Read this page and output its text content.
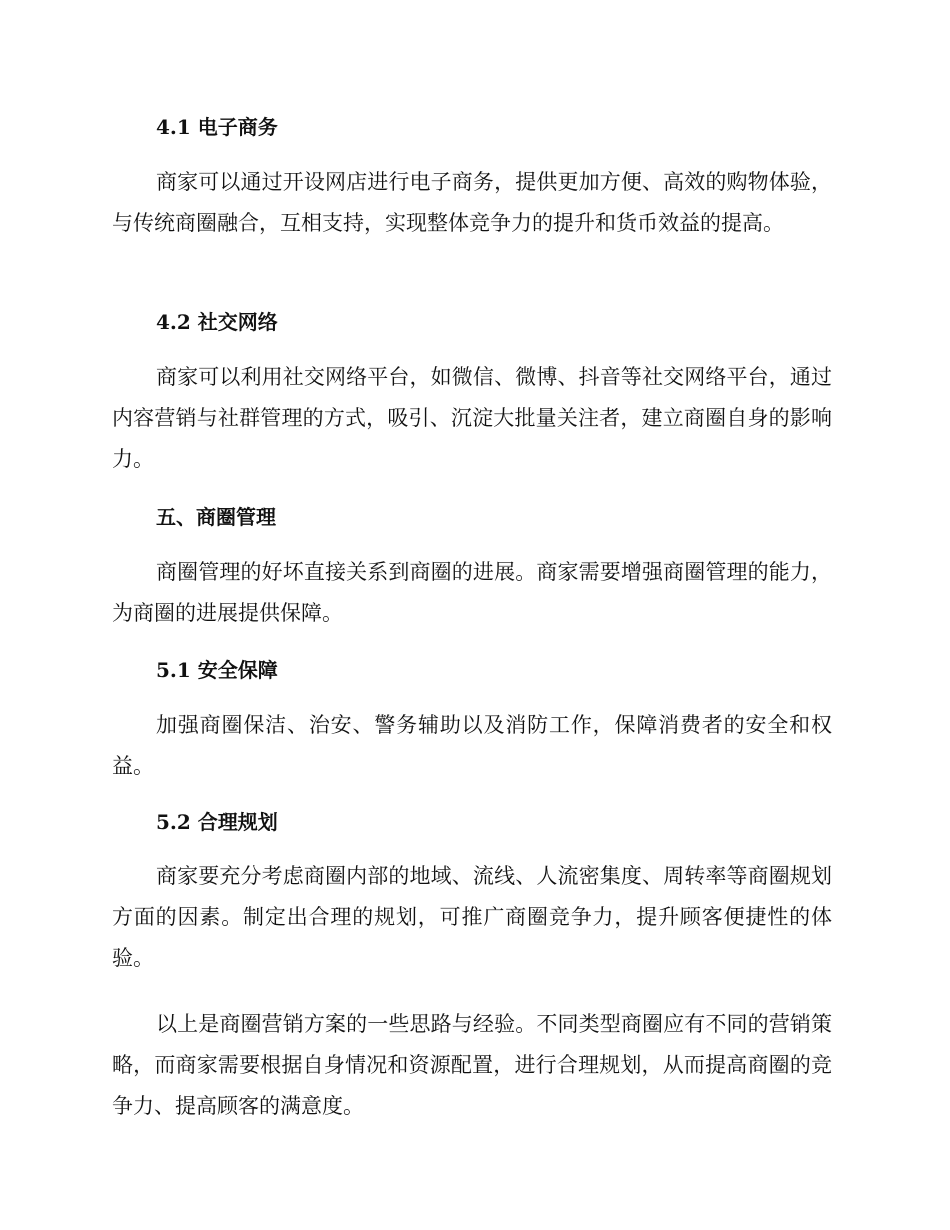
4.1 电子商务

商家可以通过开设网店进行电子商务，提供更加方便、高效的购物体验，与传统商圈融合，互相支持，实现整体竞争力的提升和货币效益的提高。

4.2 社交网络

商家可以利用社交网络平台，如微信、微博、抖音等社交网络平台，通过内容营销与社群管理的方式，吸引、沉淀大批量关注者，建立商圈自身的影响力。

五、商圈管理

商圈管理的好坏直接关系到商圈的进展。商家需要增强商圈管理的能力，为商圈的进展提供保障。

5.1 安全保障

加强商圈保洁、治安、警务辅助以及消防工作，保障消费者的安全和权益。

5.2 合理规划

商家要充分考虑商圈内部的地域、流线、人流密集度、周转率等商圈规划方面的因素。制定出合理的规划，可推广商圈竞争力，提升顾客便捷性的体验。

以上是商圈营销方案的一些思路与经验。不同类型商圈应有不同的营销策略，而商家需要根据自身情况和资源配置，进行合理规划，从而提高商圈的竞争力、提高顾客的满意度。
